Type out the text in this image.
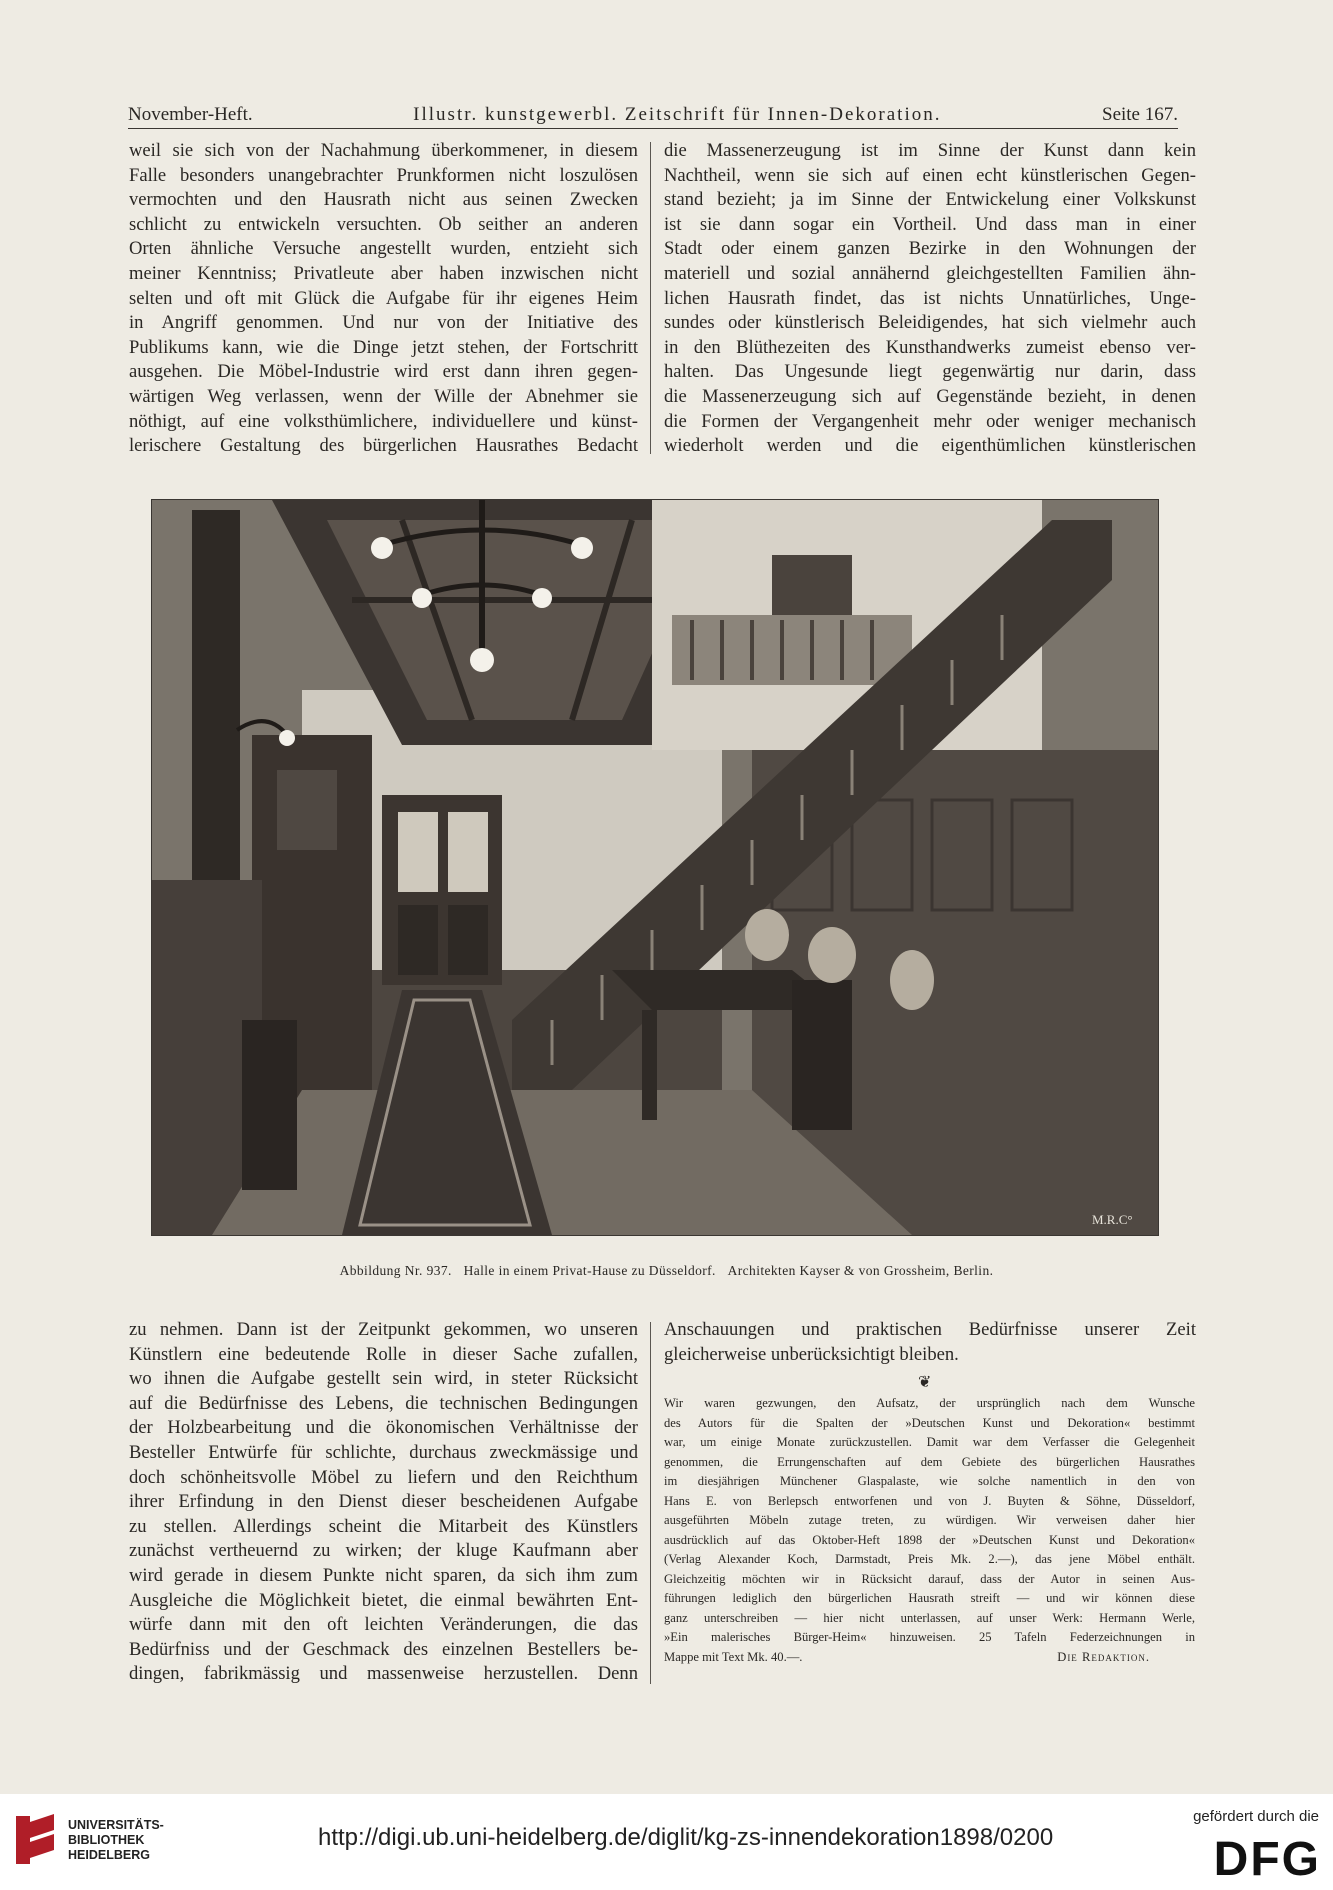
November-Heft.	Illustr. kunstgewerbl. Zeitschrift für Innen-Dekoration.	Seite 167.
weil sie sich von der Nachahmung überkommener, in diesem
Falle besonders unangebrachter Prunkformen nicht loszulösen
vermochten und den Hausrath nicht aus seinen Zwecken
schlicht zu entwickeln versuchten. Ob seither an anderen
Orten ähnliche Versuche angestellt wurden, entzieht sich
meiner Kenntniss; Privatleute aber haben inzwischen nicht
selten und oft mit Glück die Aufgabe für ihr eigenes Heim
in Angriff genommen. Und nur von der Initiative des
Publikums kann, wie die Dinge jetzt stehen, der Fortschritt
ausgehen. Die Möbel-Industrie wird erst dann ihren gegen-
wärtigen Weg verlassen, wenn der Wille der Abnehmer sie
nöthigt, auf eine volksthümlichere, individuellere und künst-
lerischere Gestaltung des bürgerlichen Hausrathes Bedacht
die Massenerzeugung ist im Sinne der Kunst dann kein
Nachtheil, wenn sie sich auf einen echt künstlerischen Gegen-
stand bezieht; ja im Sinne der Entwickelung einer Volkskunst
ist sie dann sogar ein Vortheil. Und dass man in einer
Stadt oder einem ganzen Bezirke in den Wohnungen der
materiell und sozial annähernd gleichgestellten Familien ähn-
lichen Hausrath findet, das ist nichts Unnatürliches, Unge-
sundes oder künstlerisch Beleidigendes, hat sich vielmehr auch
in den Blüthezeiten des Kunsthandwerks zumeist ebenso ver-
halten. Das Ungesunde liegt gegenwärtig nur darin, dass
die Massenerzeugung sich auf Gegenstände bezieht, in denen
die Formen der Vergangenheit mehr oder weniger mechanisch
wiederholt werden und die eigenthümlichen künstlerischen
M.R.C°
Abbildung Nr. 937. Halle in einem Privat-Hause zu Düsseldorf. Architekten Kayser & von Grossheim, Berlin.
zu nehmen. Dann ist der Zeitpunkt gekommen, wo unseren
Künstlern eine bedeutende Rolle in dieser Sache zufallen,
wo ihnen die Aufgabe gestellt sein wird, in steter Rücksicht
auf die Bedürfnisse des Lebens, die technischen Bedingungen
der Holzbearbeitung und die ökonomischen Verhältnisse der
Besteller Entwürfe für schlichte, durchaus zweckmässige und
doch schönheitsvolle Möbel zu liefern und den Reichthum
ihrer Erfindung in den Dienst dieser bescheidenen Aufgabe
zu stellen. Allerdings scheint die Mitarbeit des Künstlers
zunächst vertheuernd zu wirken; der kluge Kaufmann aber
wird gerade in diesem Punkte nicht sparen, da sich ihm zum
Ausgleiche die Möglichkeit bietet, die einmal bewährten Ent-
würfe dann mit den oft leichten Veränderungen, die das
Bedürfniss und der Geschmack des einzelnen Bestellers be-
dingen, fabrikmässig und massenweise herzustellen. Denn
Anschauungen und praktischen Bedürfnisse unserer Zeit
gleicherweise unberücksichtigt bleiben.
❦
Wir waren gezwungen, den Aufsatz, der ursprünglich nach dem Wunsche
des Autors für die Spalten der »Deutschen Kunst und Dekoration« bestimmt
war, um einige Monate zurückzustellen. Damit war dem Verfasser die Gelegenheit
genommen, die Errungenschaften auf dem Gebiete des bürgerlichen Hausrathes
im diesjährigen Münchener Glaspalaste, wie solche namentlich in den von
Hans E. von Berlepsch entworfenen und von J. Buyten & Söhne, Düsseldorf,
ausgeführten Möbeln zutage treten, zu würdigen. Wir verweisen daher hier
ausdrücklich auf das Oktober-Heft 1898 der »Deutschen Kunst und Dekoration«
(Verlag Alexander Koch, Darmstadt, Preis Mk. 2.—), das jene Möbel enthält.
Gleichzeitig möchten wir in Rücksicht darauf, dass der Autor in seinen Aus-
führungen lediglich den bürgerlichen Hausrath streift — und wir können diese
ganz unterschreiben — hier nicht unterlassen, auf unser Werk: Hermann Werle,
»Ein malerisches Bürger-Heim« hinzuweisen. 25 Tafeln Federzeichnungen in
Mappe mit Text Mk. 40.—.	Die Redaktion.
UNIVERSITÄTS-
BIBLIOTHEK
HEIDELBERG
http://digi.ub.uni-heidelberg.de/diglit/kg-zs-innendekoration1898/0200
gefördert durch die
DFG
